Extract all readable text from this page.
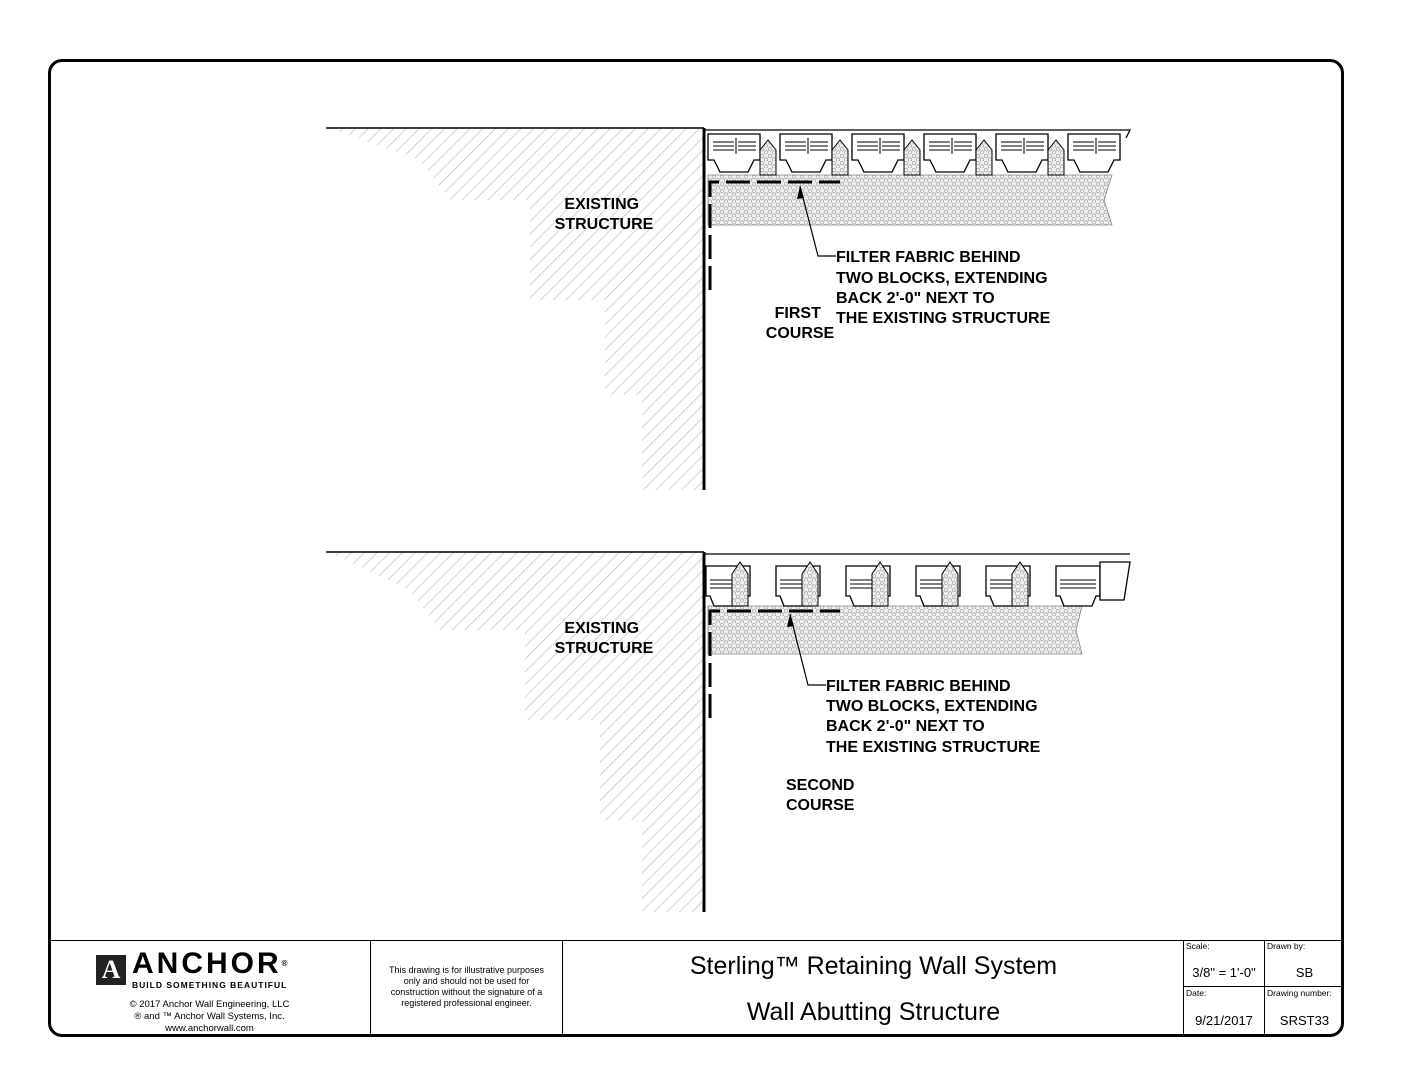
EXISTING STRUCTURE
FILTER FABRIC BEHIND TWO BLOCKS, EXTENDING BACK 2'-0" NEXT TO THE EXISTING STRUCTURE
FIRST COURSE
EXISTING STRUCTURE
FILTER FABRIC BEHIND TWO BLOCKS, EXTENDING BACK 2'-0" NEXT TO THE EXISTING STRUCTURE
SECOND COURSE
A ANCHOR®
BUILD SOMETHING BEAUTIFUL
© 2017 Anchor Wall Engineering, LLC
® and ™ Anchor Wall Systems, Inc.
www.anchorwall.com
This drawing is for illustrative purposes only and should not be used for construction without the signature of a registered professional engineer.
Sterling™ Retaining Wall System
Wall Abutting Structure
Scale:
3/8" = 1'-0"
Drawn by:
SB
Date:
9/21/2017
Drawing number:
SRST33
